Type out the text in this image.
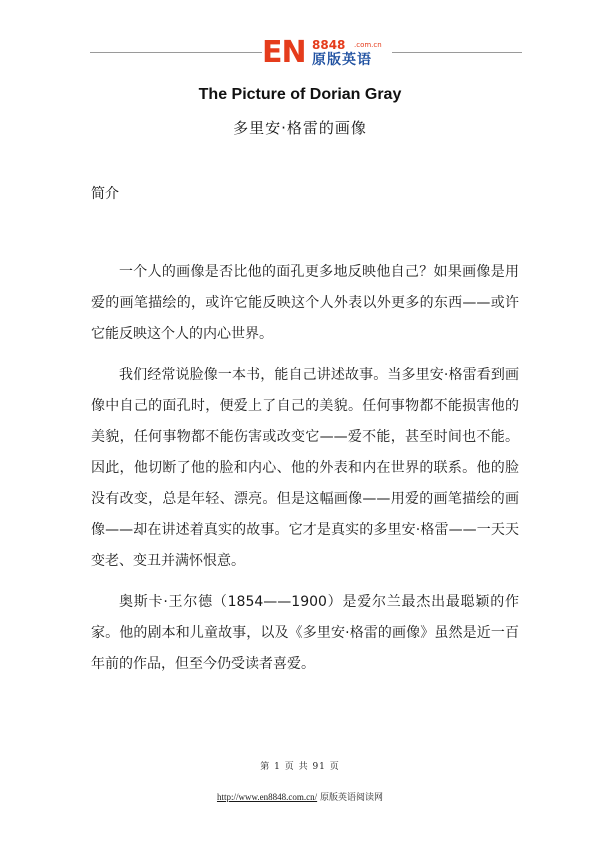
EN 8848 .com.cn
原版英语
The Picture of Dorian Gray
多里安·格雷的画像
简介

一个人的画像是否比他的面孔更多地反映他自己？如果画像是用爱的画笔描绘的，或许它能反映这个人外表以外更多的东西——或许它能反映这个人的内心世界。

我们经常说脸像一本书，能自己讲述故事。当多里安·格雷看到画像中自己的面孔时，便爱上了自己的美貌。任何事物都不能损害他的美貌，任何事物都不能伤害或改变它——爱不能，甚至时间也不能。因此，他切断了他的脸和内心、他的外表和内在世界的联系。他的脸没有改变，总是年轻、漂亮。但是这幅画像——用爱的画笔描绘的画像——却在讲述着真实的故事。它才是真实的多里安·格雷——一天天变老、变丑并满怀恨意。

奥斯卡·王尔德（1854——1900）是爱尔兰最杰出最聪颖的作家。他的剧本和儿童故事，以及《多里安·格雷的画像》虽然是近一百年前的作品，但至今仍受读者喜爱。

第 1 页 共 91 页
http://www.en8848.com.cn/ 原版英语阅读网
